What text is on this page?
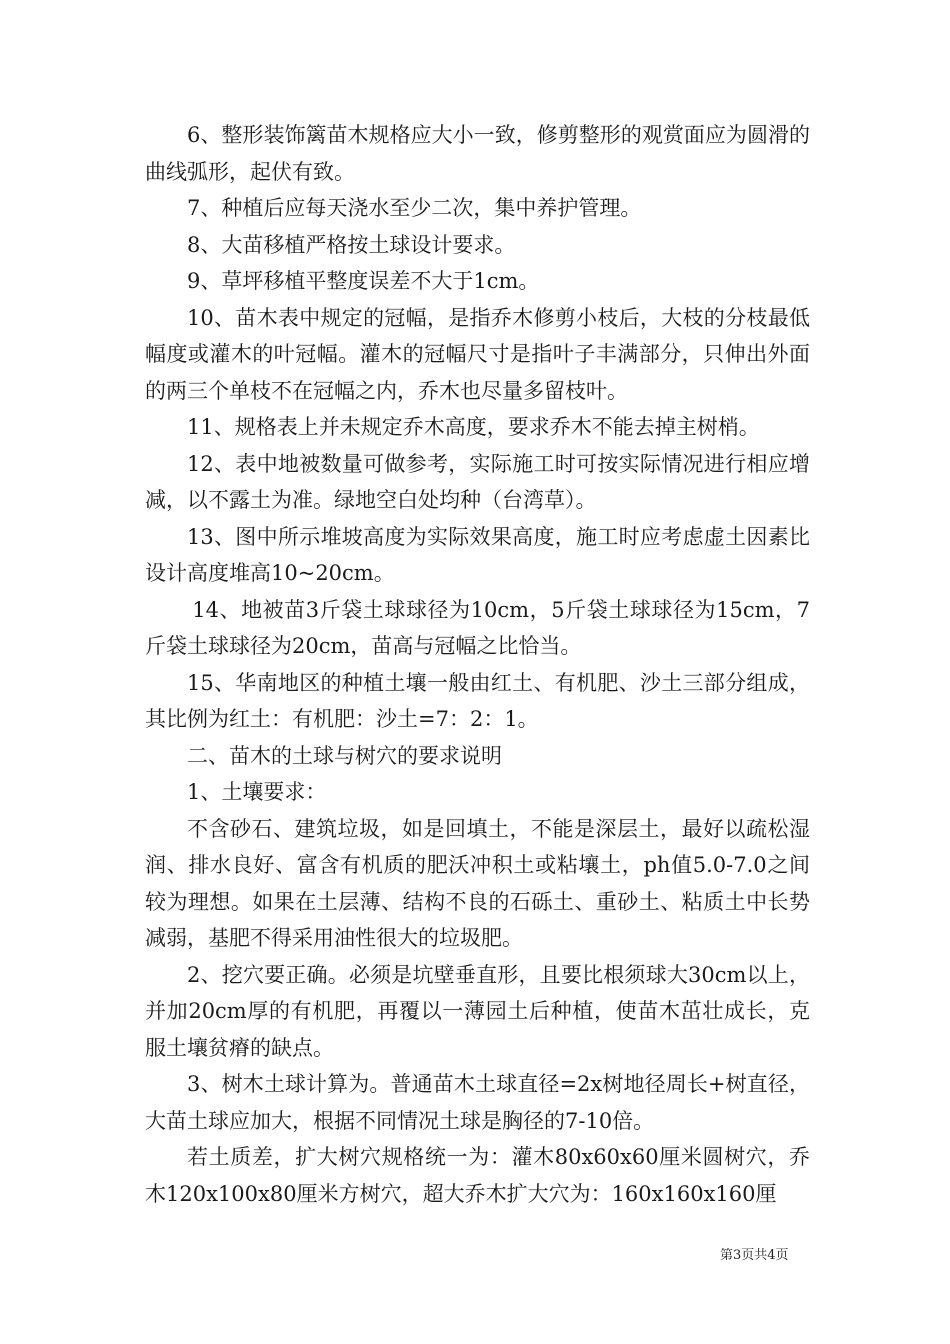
6、整形装饰篱苗木规格应大小一致，修剪整形的观赏面应为圆滑的曲线弧形，起伏有致。

7、种植后应每天浇水至少二次，集中养护管理。

8、大苗移植严格按土球设计要求。

9、草坪移植平整度误差不大于1cm。

10、苗木表中规定的冠幅，是指乔木修剪小枝后，大枝的分枝最低幅度或灌木的叶冠幅。灌木的冠幅尺寸是指叶子丰满部分，只伸出外面的两三个单枝不在冠幅之内，乔木也尽量多留枝叶。

11、规格表上并未规定乔木高度，要求乔木不能去掉主树梢。

12、表中地被数量可做参考，实际施工时可按实际情况进行相应增减，以不露土为准。绿地空白处均种（台湾草）。

13、图中所示堆坡高度为实际效果高度，施工时应考虑虚土因素比设计高度堆高10~20cm。

14、地被苗3斤袋土球球径为10cm，5斤袋土球球径为15cm，7斤袋土球球径为20cm，苗高与冠幅之比恰当。

15、华南地区的种植土壤一般由红土、有机肥、沙土三部分组成，其比例为红土：有机肥：沙土=7：2：1。

二、苗木的土球与树穴的要求说明

1、土壤要求：

不含砂石、建筑垃圾，如是回填土，不能是深层土，最好以疏松湿润、排水良好、富含有机质的肥沃冲积土或粘壤土，ph值5.0-7.0之间较为理想。如果在土层薄、结构不良的石砾土、重砂土、粘质土中长势减弱，基肥不得采用油性很大的垃圾肥。

2、挖穴要正确。必须是坑壁垂直形，且要比根须球大30cm以上，并加20cm厚的有机肥，再覆以一薄园土后种植，使苗木茁壮成长，克服土壤贫瘠的缺点。

3、树木土球计算为。普通苗木土球直径=2x树地径周长+树直径，大苗土球应加大，根据不同情况土球是胸径的7-10倍。

若土质差，扩大树穴规格统一为：灌木80x60x60厘米圆树穴，乔木120x100x80厘米方树穴，超大乔木扩大穴为：160x160x160厘

第3页共4页
